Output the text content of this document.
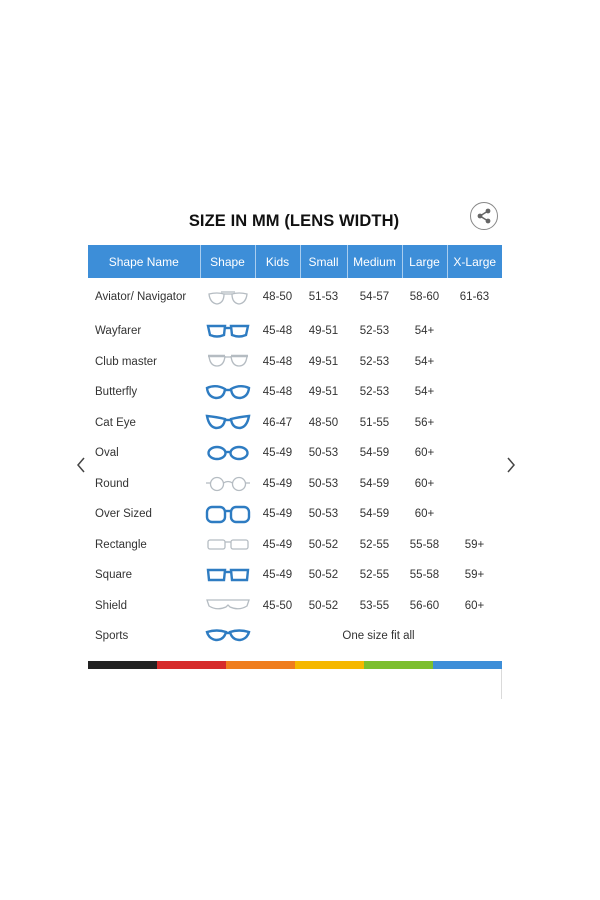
SIZE IN MM (LENS WIDTH)
Shape Name	Shape	Kids	Small	Medium	Large	X-Large
Aviator/ Navigator		48-50	51-53	54-57	58-60	61-63
Wayfarer		45-48	49-51	52-53	54+	
Club master		45-48	49-51	52-53	54+	
Butterfly		45-48	49-51	52-53	54+	
Cat Eye		46-47	48-50	51-55	56+	
Oval		45-49	50-53	54-59	60+	
Round		45-49	50-53	54-59	60+	
Over Sized		45-49	50-53	54-59	60+	
Rectangle		45-49	50-52	52-55	55-58	59+
Square		45-49	50-52	52-55	55-58	59+
Shield		45-50	50-52	53-55	56-60	60+
Sports		One size fit all				
